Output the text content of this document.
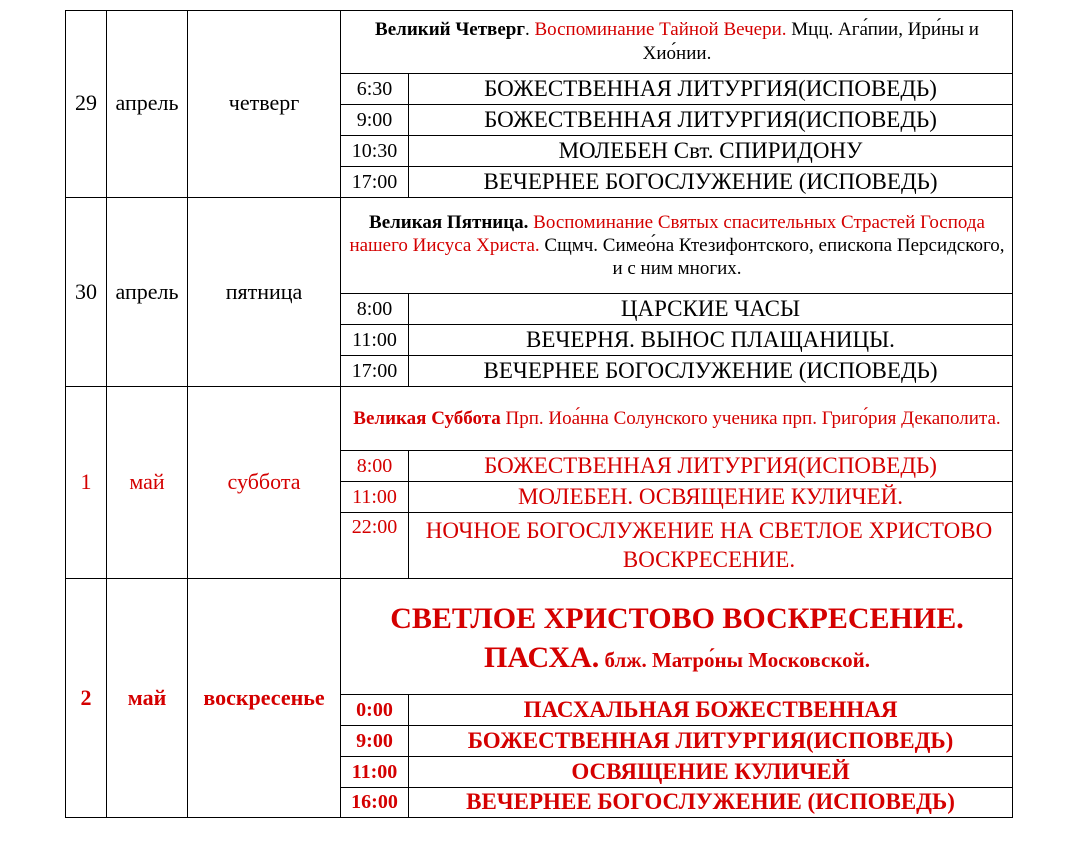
29 апрель	четверг
Великий Четверг. Воспоминание Тайной Вечери. Мцц. Ага́пии, Ири́ны и Хио́нии.
6:30	БОЖЕСТВЕННАЯ ЛИТУРГИЯ(ИСПОВЕДЬ)
9:00	БОЖЕСТВЕННАЯ ЛИТУРГИЯ(ИСПОВЕДЬ)
10:30	МОЛЕБЕН Свт. СПИРИДОНУ
17:00	ВЕЧЕРНЕЕ БОГОСЛУЖЕНИЕ (ИСПОВЕДЬ)
30 апрель	пятница
Великая Пятница. Воспоминание Святых спасительных Страстей Господа нашего Иисуса Христа. Сщмч. Симео́на Ктезифонтского, епископа Персидского, и с ним многих.
8:00	ЦАРСКИЕ ЧАСЫ
11:00	ВЕЧЕРНЯ. ВЫНОС ПЛАЩАНИЦЫ.
17:00	ВЕЧЕРНЕЕ БОГОСЛУЖЕНИЕ (ИСПОВЕДЬ)
1	май	суббота
Великая Суббота Прп. Иоа́нна Солунского ученика прп. Григо́рия Декаполита.
8:00	БОЖЕСТВЕННАЯ ЛИТУРГИЯ(ИСПОВЕДЬ)
11:00	МОЛЕБЕН. ОСВЯЩЕНИЕ КУЛИЧЕЙ.
22:00	НОЧНОЕ БОГОСЛУЖЕНИЕ НА СВЕТЛОЕ ХРИСТОВО ВОСКРЕСЕНИЕ.
2	май	воскресенье
СВЕТЛОЕ ХРИСТОВО ВОСКРЕСЕНИЕ.
ПАСХА. блж. Матро́ны Московской.
0:00	ПАСХАЛЬНАЯ БОЖЕСТВЕННАЯ
9:00	БОЖЕСТВЕННАЯ ЛИТУРГИЯ(ИСПОВЕДЬ)
11:00	ОСВЯЩЕНИЕ КУЛИЧЕЙ
16:00	ВЕЧЕРНЕЕ БОГОСЛУЖЕНИЕ (ИСПОВЕДЬ)
